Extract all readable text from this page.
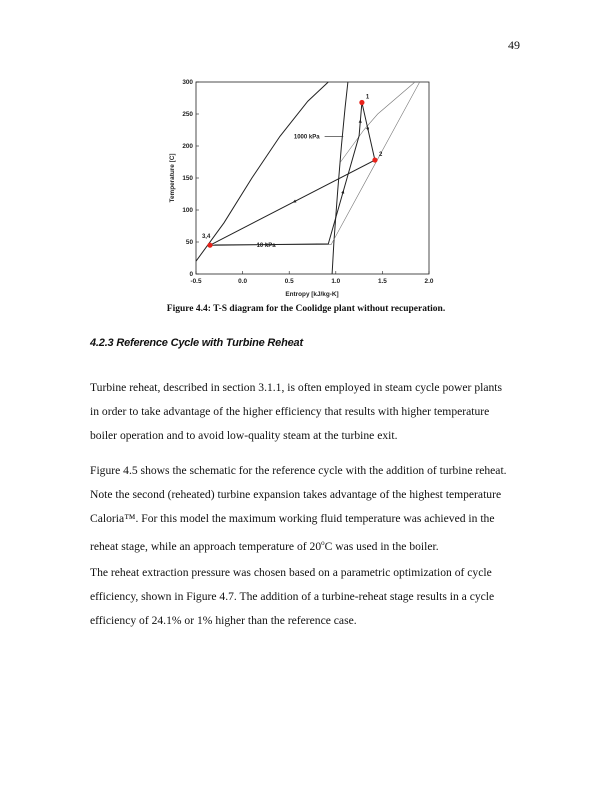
49
-0.5	0.0	0.5	1.0	1.5	2.0
0
50
100
150
200
250
300
1000 kPa
10 kPa
1
2
3,4
Entropy [kJ/kg-K]
Temperature [C]
Figure 4.4: T-S diagram for the Coolidge plant without recuperation.
4.2.3 Reference Cycle with Turbine Reheat

Turbine reheat, described in section 3.1.1, is often employed in steam cycle power plants
in order to take advantage of the higher efficiency that results with higher temperature
boiler operation and to avoid low-quality steam at the turbine exit.

Figure 4.5 shows the schematic for the reference cycle with the addition of turbine reheat.
Note the second (reheated) turbine expansion takes advantage of the highest temperature
Caloria™. For this model the maximum working fluid temperature was achieved in the
reheat stage, while an approach temperature of 20$^o$C was used in the boiler.

The reheat extraction pressure was chosen based on a parametric optimization of cycle
efficiency, shown in Figure 4.7. The addition of a turbine-reheat stage results in a cycle
efficiency of 24.1% or 1% higher than the reference case.
